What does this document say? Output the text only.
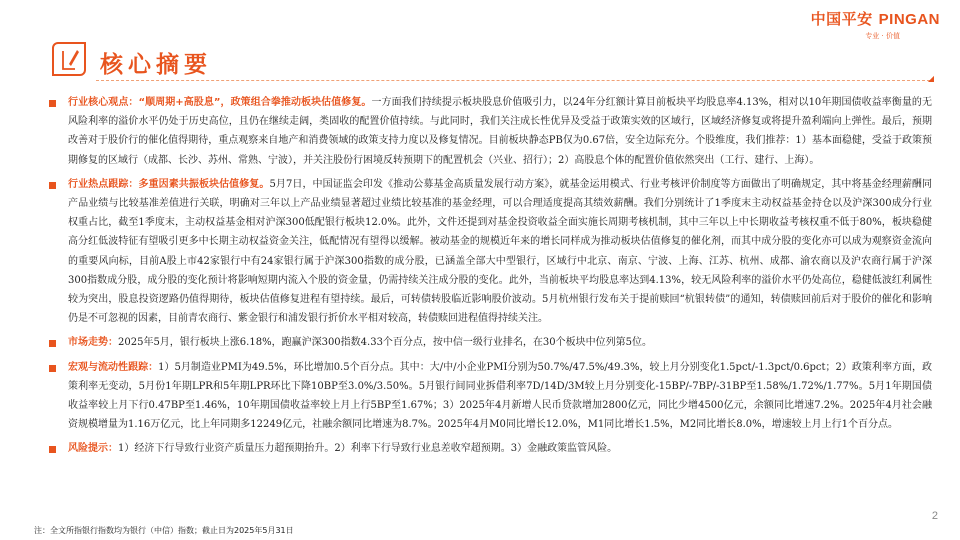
中国平安 PINGAN
专业 · 价值
核心摘要
◢
行业核心观点：“顺周期+高股息”，政策组合拳推动板块估值修复。一方面我们持续提示板块股息价值吸引力，以24年分红额计算目前板块平均股息率4.13%，相对以10年期国债收益率衡量的无风险利率的溢价水平仍处于历史高位，且仍在继续走阔，类固收的配置价值持续。与此同时，我们关注成长性优异及受益于政策实效的区域行，区域经济修复或将提升盈利端向上弹性。最后，预期改善对于股价行的催化值得期待，重点观察来自地产和消费领域的政策支持力度以及修复情况。目前板块静态PB仅为0.67倍，安全边际充分。个股维度，我们推荐：1）基本面稳健，受益于政策预期修复的区域行（成都、长沙、苏州、常熟、宁波），并关注股份行困境反转预期下的配置机会（兴业、招行）；2）高股息个体的配置价值依然突出（工行、建行、上海）。
行业热点跟踪：多重因素共振板块估值修复。5月7日，中国证监会印发《推动公募基金高质量发展行动方案》，就基金运用模式、行业考核评价制度等方面做出了明确规定，其中将基金经理薪酬同产品业绩与比较基准差值进行关联，明确对三年以上产品业绩显著超过业绩比较基准的基金经理，可以合理适度提高其绩效薪酬。我们分别统计了1季度末主动权益基金持仓以及沪深300成分行业权重占比，截至1季度末，主动权益基金相对沪深300低配银行板块12.0%。此外，文件还提到对基金投资收益全面实施长周期考核机制，其中三年以上中长期收益考核权重不低于80%，板块稳健高分红低波特征有望吸引更多中长期主动权益资金关注，低配情况有望得以缓解。被动基金的规模近年来的增长同样成为推动板块估值修复的催化剂，而其中成分股的变化亦可以成为观察资金流向的重要风向标，目前A股上市42家银行中有24家银行属于沪深300指数的成分股，已涵盖全部大中型银行，区域行中北京、南京、宁波、上海、江苏、杭州、成都、渝农商以及沪农商行属于沪深300指数成分股，成分股的变化预计将影响短期内流入个股的资金量，仍需持续关注成分股的变化。此外，当前板块平均股息率达到4.13%，较无风险利率的溢价水平仍处高位，稳健低波红利属性较为突出，股息投资逻路仍值得期待，板块估值修复进程有望持续。最后，可转债转股临近影响股价波动。5月杭州银行发布关于提前赎回“杭银转债”的通知，转债赎回前后对于股价的催化和影响仍是不可忽视的因素，目前青农商行、紫金银行和浦发银行折价水平相对较高，转债赎回进程值得持续关注。
市场走势：2025年5月，银行板块上涨6.18%，跑赢沪深300指数4.33个百分点，按中信一级行业排名，在30个板块中位列第5位。
宏观与流动性跟踪：1）5月制造业PMI为49.5%，环比增加0.5个百分点。其中：大/中/小企业PMI分别为50.7%/47.5%/49.3%，较上月分别变化1.5pct/-1.3pct/0.6pct；2）政策利率方面，政策利率无变动，5月份1年期LPR和5年期LPR环比下降10BP至3.0%/3.50%。5月银行间同业拆借利率7D/14D/3M较上月分别变化-15BP/-7BP/-31BP至1.58%/1.72%/1.77%。5月1年期国债收益率较上月下行0.47BP至1.46%，10年期国债收益率较上月上行5BP至1.67%；3）2025年4月新增人民币贷款增加2800亿元，同比少增4500亿元，余额同比增速7.2%。2025年4月社会融资规模增量为1.16万亿元，比上年同期多12249亿元，社融余额同比增速为8.7%。2025年4月M0同比增长12.0%，M1同比增长1.5%，M2同比增长8.0%，增速较上月上行1个百分点。
风险提示：1）经济下行导致行业资产质量压力超预期抬升。2）利率下行导致行业息差收窄超预期。3）金融政策监管风险。
2
注：全文所指银行指数均为银行（中信）指数；截止日为2025年5月31日
